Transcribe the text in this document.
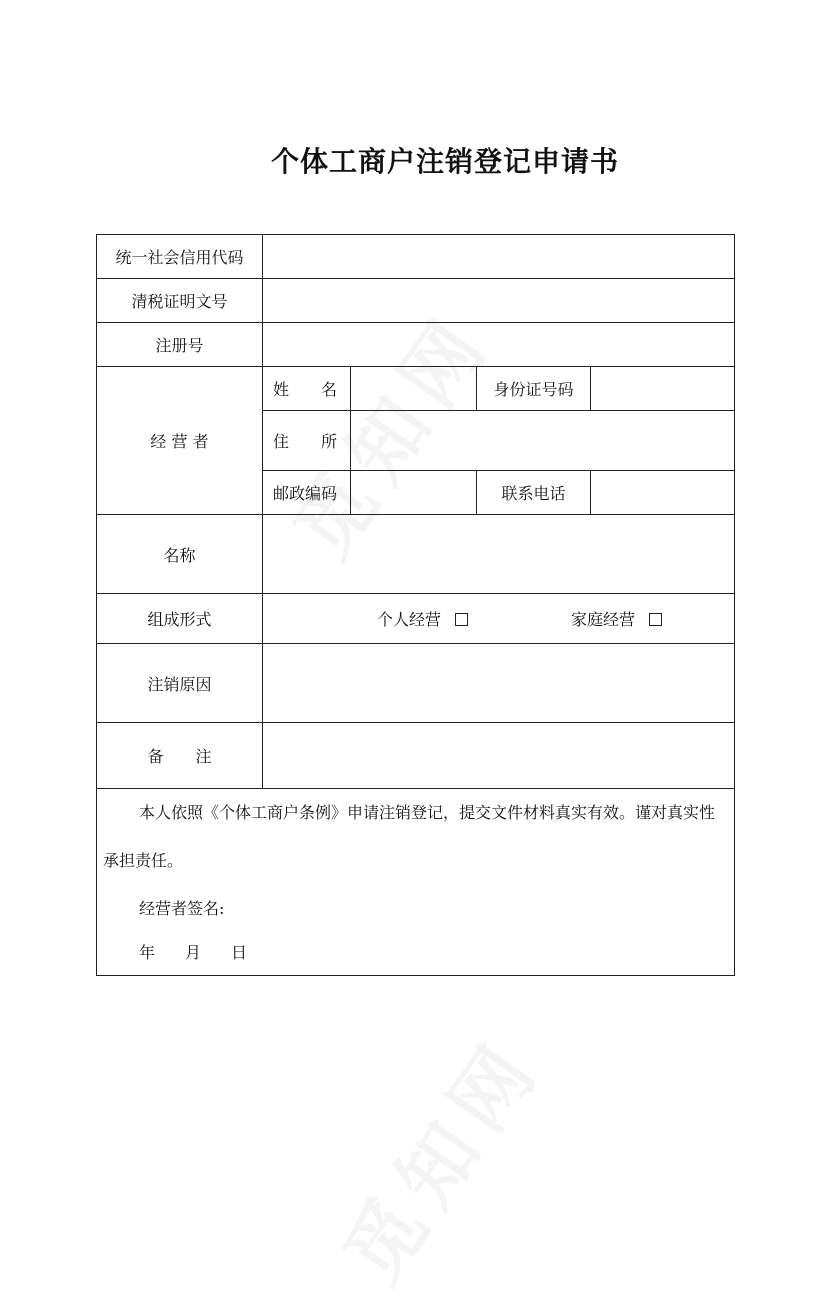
个体工商户注销登记申请书
统一社会信用代码				
清税证明文号				
注册号				
经 营 者	姓　　名		身份证号码	
	住　　所			
	邮政编码		联系电话	
名称				
组成形式	个人经营 家庭经营			
注销原因				
备　　注				

本人依照《个体工商户条例》申请注销登记，提交文件材料真实有效。谨对真实性承担责任。

经营者签名:

年 月 日				
